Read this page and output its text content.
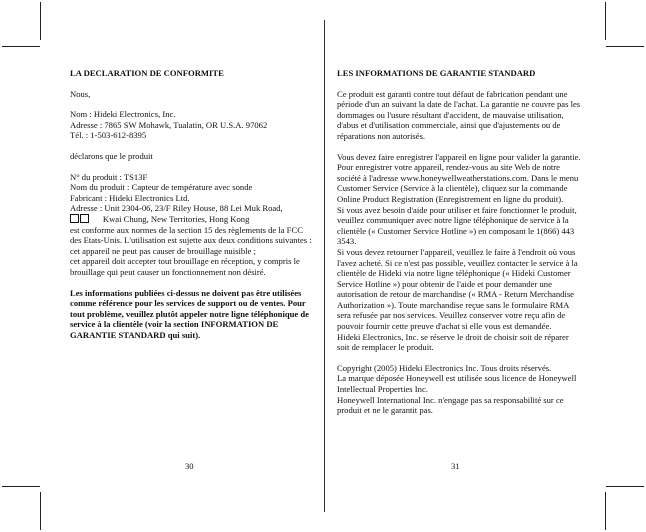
LA DECLARATION DE CONFORMITE

Nous,

Nom : Hideki Electronics, Inc.

Adresse : 7865 SW Mohawk, Tualatin, OR U.S.A. 97062

Tél. : 1-503-612-8395

déclarons que le produit

N° du produit : TS13F

Nom du produit : Capteur de température avec sonde

Fabricant : Hideki Electronics Ltd.

Adresse : Unit 2304-06, 23/F Riley House, 88 Lei Muk Road,

Kwai Chung, New Territories, Hong Kong

est conforme aux normes de la section 15 des règlements de la FCC des Etats-Unis. L'utilisation est sujette aux deux conditions suivantes :

cet appareil ne peut pas causer de brouillage nuisible ;

cet appareil doit accepter tout brouillage en réception, y compris le brouillage qui peut causer un fonctionnement non désiré.

Les informations publiées ci-dessus ne doivent pas être utilisées comme référence pour les services de support ou de ventes. Pour tout problème, veuillez plutôt appeler notre ligne téléphonique de service à la clientèle (voir la section INFORMATION DE GARANTIE STANDARD qui suit).

LES INFORMATIONS DE GARANTIE STANDARD

Ce produit est garanti contre tout défaut de fabrication pendant une période d'un an suivant la date de l'achat. La garantie ne couvre pas les dommages ou l'usure résultant d'accident, de mauvaise utilisation, d'abus et d'utilisation commerciale, ainsi que d'ajustements ou de réparations non autorisés.

Vous devez faire enregistrer l'appareil en ligne pour valider la garantie.

Pour enregistrer votre appareil, rendez-vous au site Web de notre société à l'adresse www.honeywellweatherstations.com. Dans le menu Customer Service (Service à la clientèle), cliquez sur la commande Online Product Registration (Enregistrement en ligne du produit).

Si vous avez besoin d'aide pour utiliser et faire fonctionner le produit, veuillez communiquer avec notre ligne téléphonique de service à la clientèle (« Customer Service Hotline ») en composant le 1(866) 443 3543.

Si vous devez retourner l'appareil, veuillez le faire à l'endroit où vous l'avez acheté. Si ce n'est pas possible, veuillez contacter le service à la clientèle de Hideki via notre ligne téléphonique (« Hideki Customer Service Hotline ») pour obtenir de l'aide et pour demander une autorisation de retour de marchandise (« RMA - Return Merchandise Authorization »). Toute marchandise reçue sans le formulaire RMA sera refusée par nos services. Veuillez conserver votre reçu afin de pouvoir fournir cette preuve d'achat si elle vous est demandée.

Hideki Electronics, Inc. se réserve le droit de choisir soit de réparer soit de remplacer le produit.

Copyright (2005) Hideki Electronics Inc. Tous droits réservés.

La marque déposée Honeywell est utilisée sous licence de Honeywell Intellectual Properties Inc.

Honeywell International Inc. n'engage pas sa responsabilité sur ce produit et ne le garantit pas.

30	31
